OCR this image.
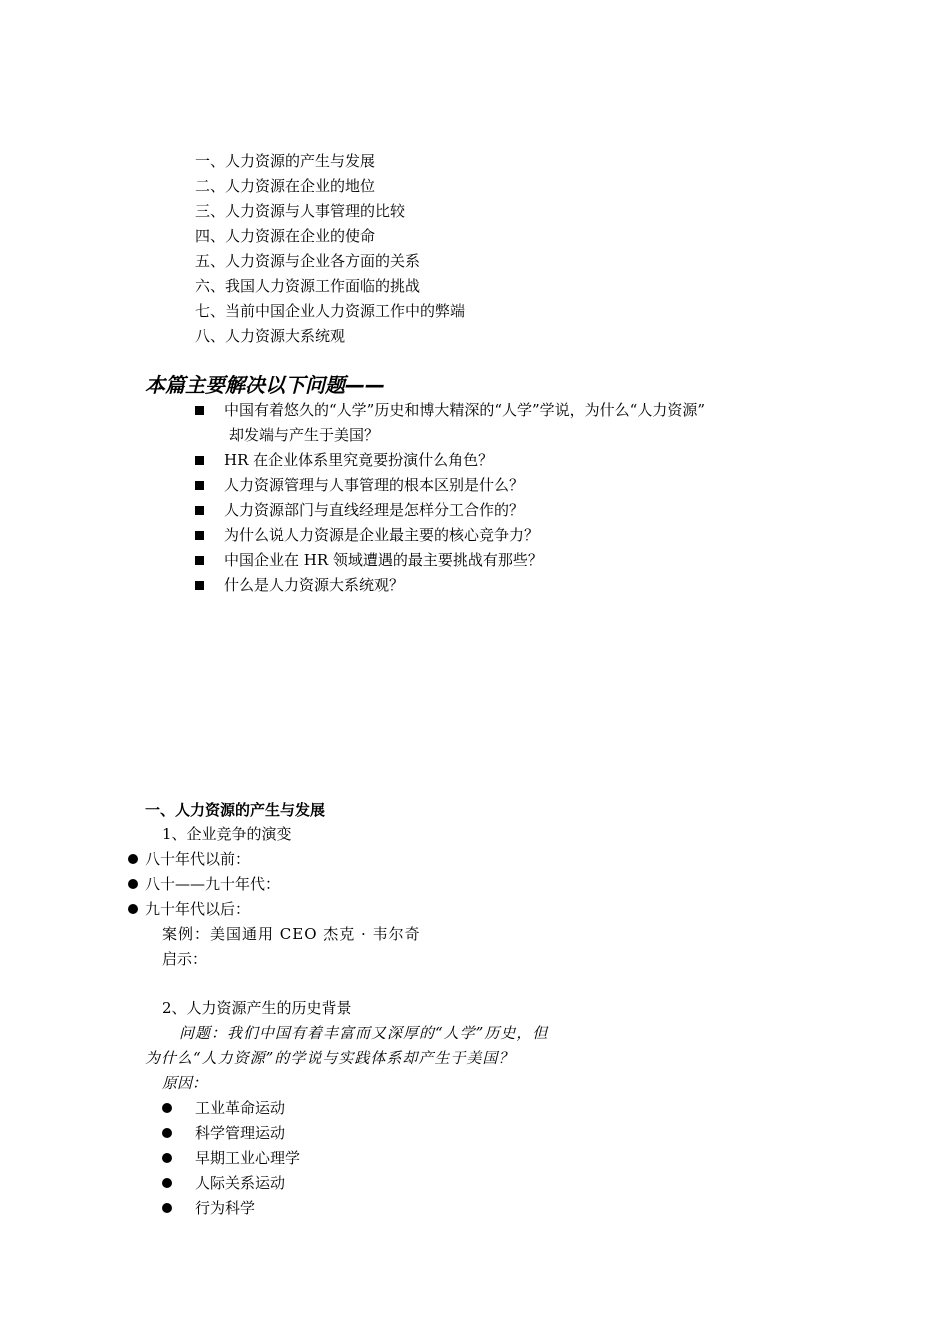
一、人力资源的产生与发展
二、人力资源在企业的地位
三、人力资源与人事管理的比较
四、人力资源在企业的使命
五、人力资源与企业各方面的关系
六、我国人力资源工作面临的挑战
七、当前中国企业人力资源工作中的弊端
八、人力资源大系统观
本篇主要解决以下问题——
中国有着悠久的“人学”历史和博大精深的“人学”学说，为什么“人力资源”
却发端与产生于美国？
HR 在企业体系里究竟要扮演什么角色？
人力资源管理与人事管理的根本区别是什么？
人力资源部门与直线经理是怎样分工合作的？
为什么说人力资源是企业最主要的核心竞争力？
中国企业在 HR 领域遭遇的最主要挑战有那些？
什么是人力资源大系统观？
一、人力资源的产生与发展
1、企业竞争的演变
八十年代以前：
八十——九十年代：
九十年代以后：
案例：美国通用 CEO 杰克 · 韦尔奇
启示：
2、人力资源产生的历史背景
问题：我们中国有着丰富而又深厚的“人学”历史，但
为什么“人力资源”的学说与实践体系却产生于美国？
原因：
工业革命运动
科学管理运动
早期工业心理学
人际关系运动
行为科学
